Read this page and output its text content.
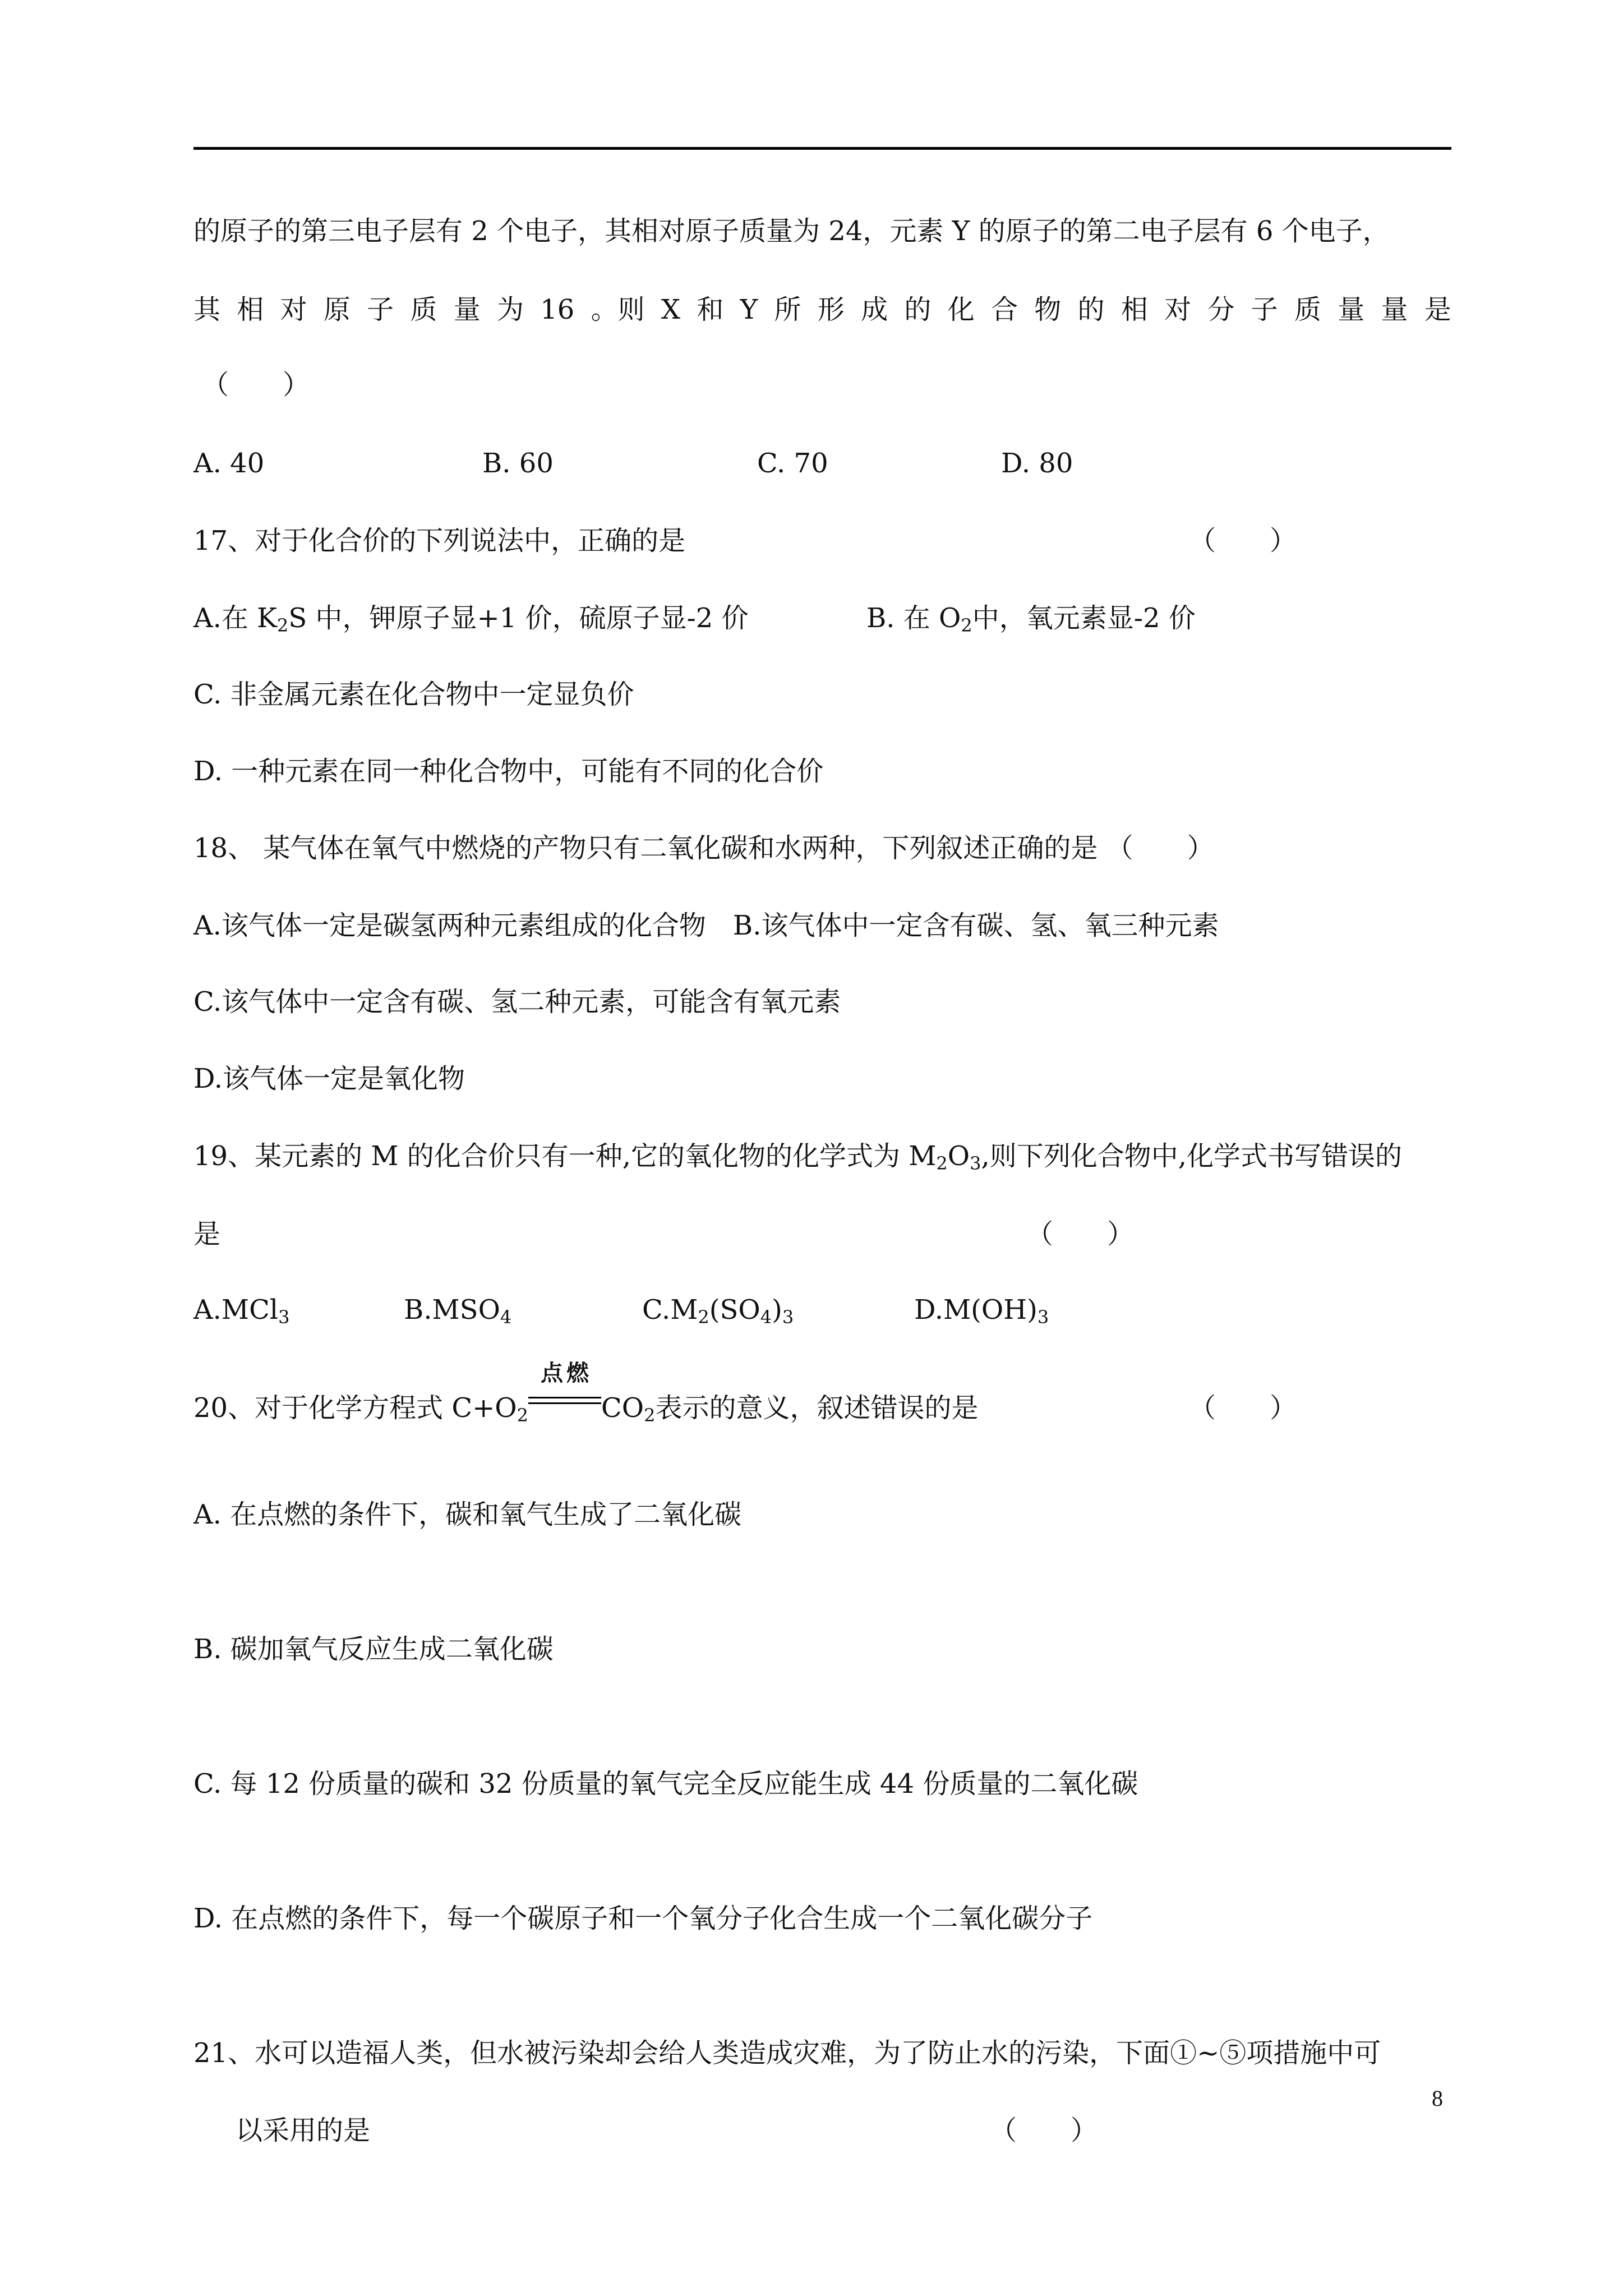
的原子的第三电子层有 2 个电子，其相对原子质量为 24，元素 Y 的原子的第二电子层有 6 个电子，
其 相 对 原 子 质 量 为 16 。则 X 和 Y 所 形 成 的 化 合 物 的 相 对 分 子 质 量 量 是
（　　）
A. 40	B. 60	C. 70	D. 80
17、对于化合价的下列说法中，正确的是	（　　）
A.在 $K_2S$ 中，钾原子显+1 价，硫原子显-2 价	B. 在 $O_2$中，氧元素显-2 价
C. 非金属元素在化合物中一定显负价
D. 一种元素在同一种化合物中，可能有不同的化合价
18、 某气体在氧气中燃烧的产物只有二氧化碳和水两种，下列叙述正确的是 （　　）
A.该气体一定是碳氢两种元素组成的化合物　B.该气体中一定含有碳、氢、氧三种元素
C.该气体中一定含有碳、氢二种元素，可能含有氧元素
D.该气体一定是氧化物
19、某元素的 M 的化合价只有一种,它的氧化物的化学式为 $M_2O_3$,则下列化合物中,化学式书写错误的
是	（　　）
A.MCl$_3$	$B.MSO_4$	$C.M_2(SO_4)_3$	$D.M(OH)_3$
20、对于化学方程式 $C+O_2$
点燃
$CO_2$表示的意义，叙述错误的是	（　　）
A. 在点燃的条件下，碳和氧气生成了二氧化碳
B. 碳加氧气反应生成二氧化碳
C. 每 12 份质量的碳和 32 份质量的氧气完全反应能生成 44 份质量的二氧化碳
D. 在点燃的条件下，每一个碳原子和一个氧分子化合生成一个二氧化碳分子
21、水可以造福人类，但水被污染却会给人类造成灾难，为了防止水的污染，下面①~⑤项措施中可
以采用的是	（　　）
8
